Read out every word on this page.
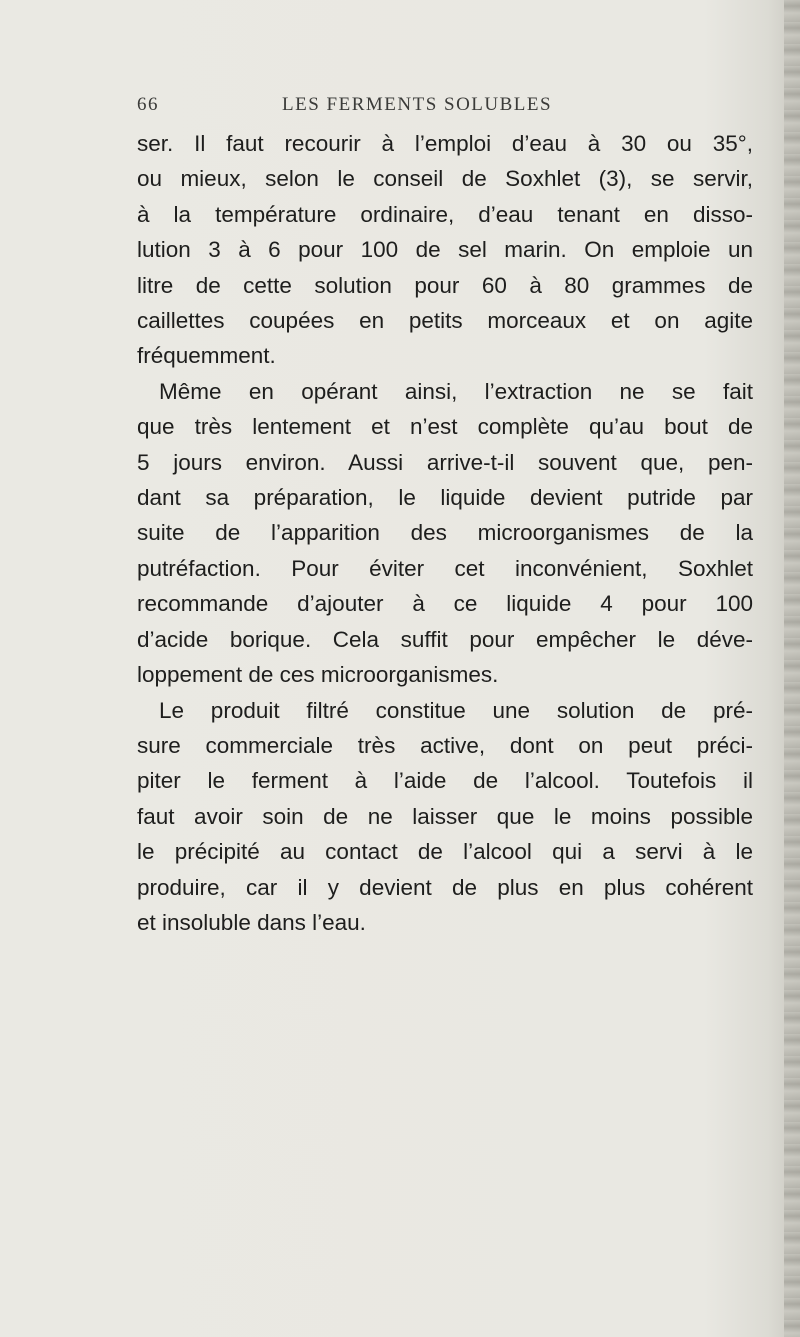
66	LES FERMENTS SOLUBLES
ser. Il faut recourir à l’emploi d’eau à 30 ou 35°,
ou mieux, selon le conseil de Soxhlet (3), se servir,
à la température ordinaire, d’eau tenant en disso-
lution 3 à 6 pour 100 de sel marin. On emploie un
litre de cette solution pour 60 à 80 grammes de
caillettes coupées en petits morceaux et on agite
fréquemment.
Même en opérant ainsi, l’extraction ne se fait
que très lentement et n’est complète qu’au bout de
5 jours environ. Aussi arrive-t-il souvent que, pen-
dant sa préparation, le liquide devient putride par
suite de l’apparition des microorganismes de la
putréfaction. Pour éviter cet inconvénient, Soxhlet
recommande d’ajouter à ce liquide 4 pour 100
d’acide borique. Cela suffit pour empêcher le déve-
loppement de ces microorganismes.
Le produit filtré constitue une solution de pré-
sure commerciale très active, dont on peut préci-
piter le ferment à l’aide de l’alcool. Toutefois il
faut avoir soin de ne laisser que le moins possible
le précipité au contact de l’alcool qui a servi à le
produire, car il y devient de plus en plus cohérent
et insoluble dans l’eau.
